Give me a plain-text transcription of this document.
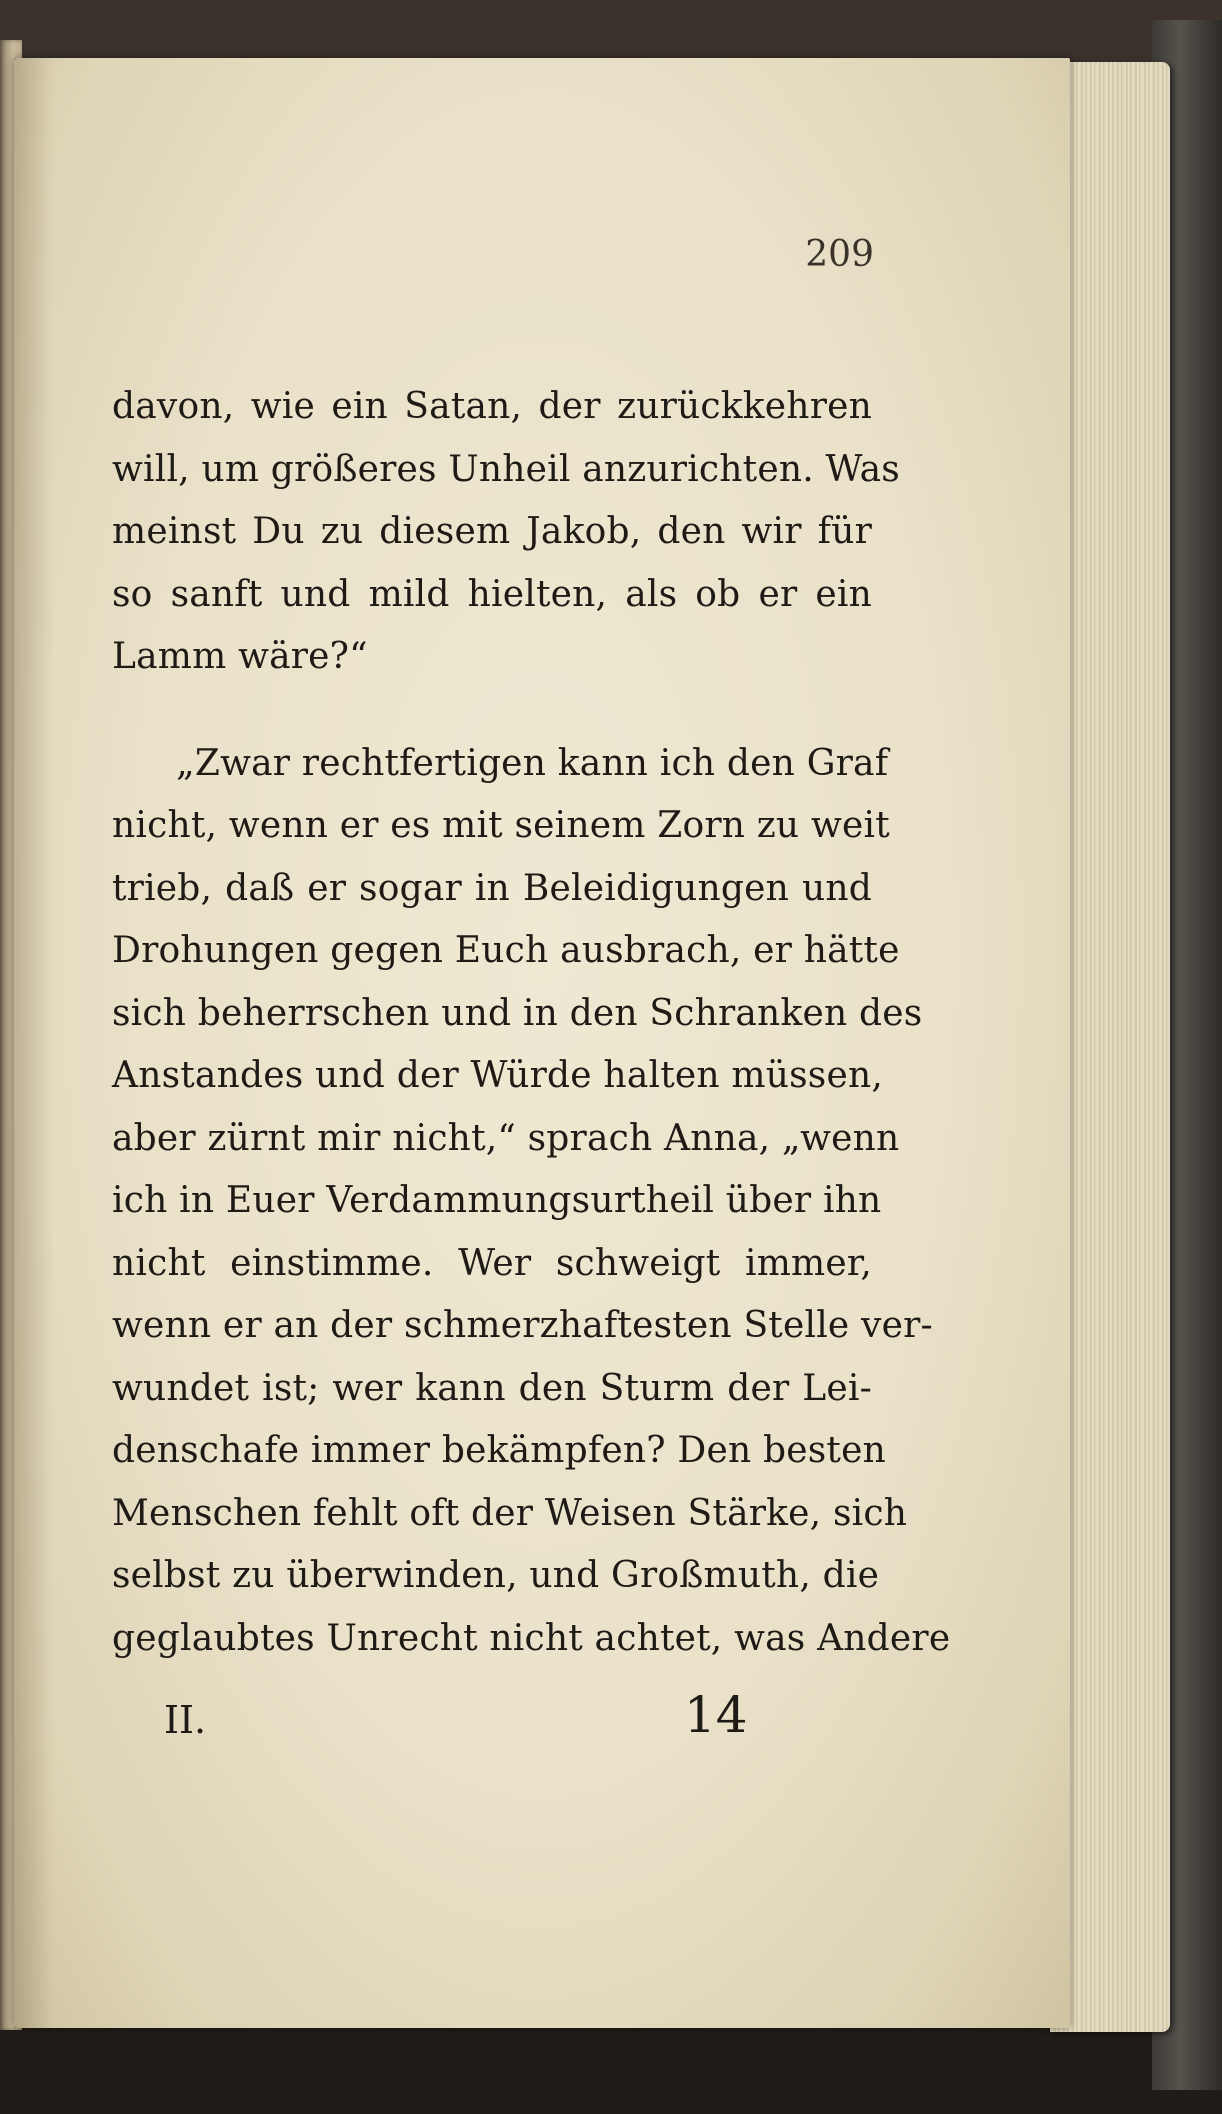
209
davon, wie ein Satan, der zurückkehren
will, um größeres Unheil anzurichten. Was
meinst Du zu diesem Jakob, den wir für
so sanft und mild hielten, als ob er ein
Lamm wäre?“
„Zwar rechtfertigen kann ich den Graf
nicht, wenn er es mit seinem Zorn zu weit
trieb, daß er sogar in Beleidigungen und
Drohungen gegen Euch ausbrach, er hätte
sich beherrschen und in den Schranken des
Anstandes und der Würde halten müssen,
aber zürnt mir nicht,“ sprach Anna, „wenn
ich in Euer Verdammungsurtheil über ihn
nicht einstimme. Wer schweigt immer,
wenn er an der schmerzhaftesten Stelle ver-
wundet ist; wer kann den Sturm der Lei-
denschafe immer bekämpfen? Den besten
Menschen fehlt oft der Weisen Stärke, sich
selbst zu überwinden, und Großmuth, die
geglaubtes Unrecht nicht achtet, was Andere
II.	14
